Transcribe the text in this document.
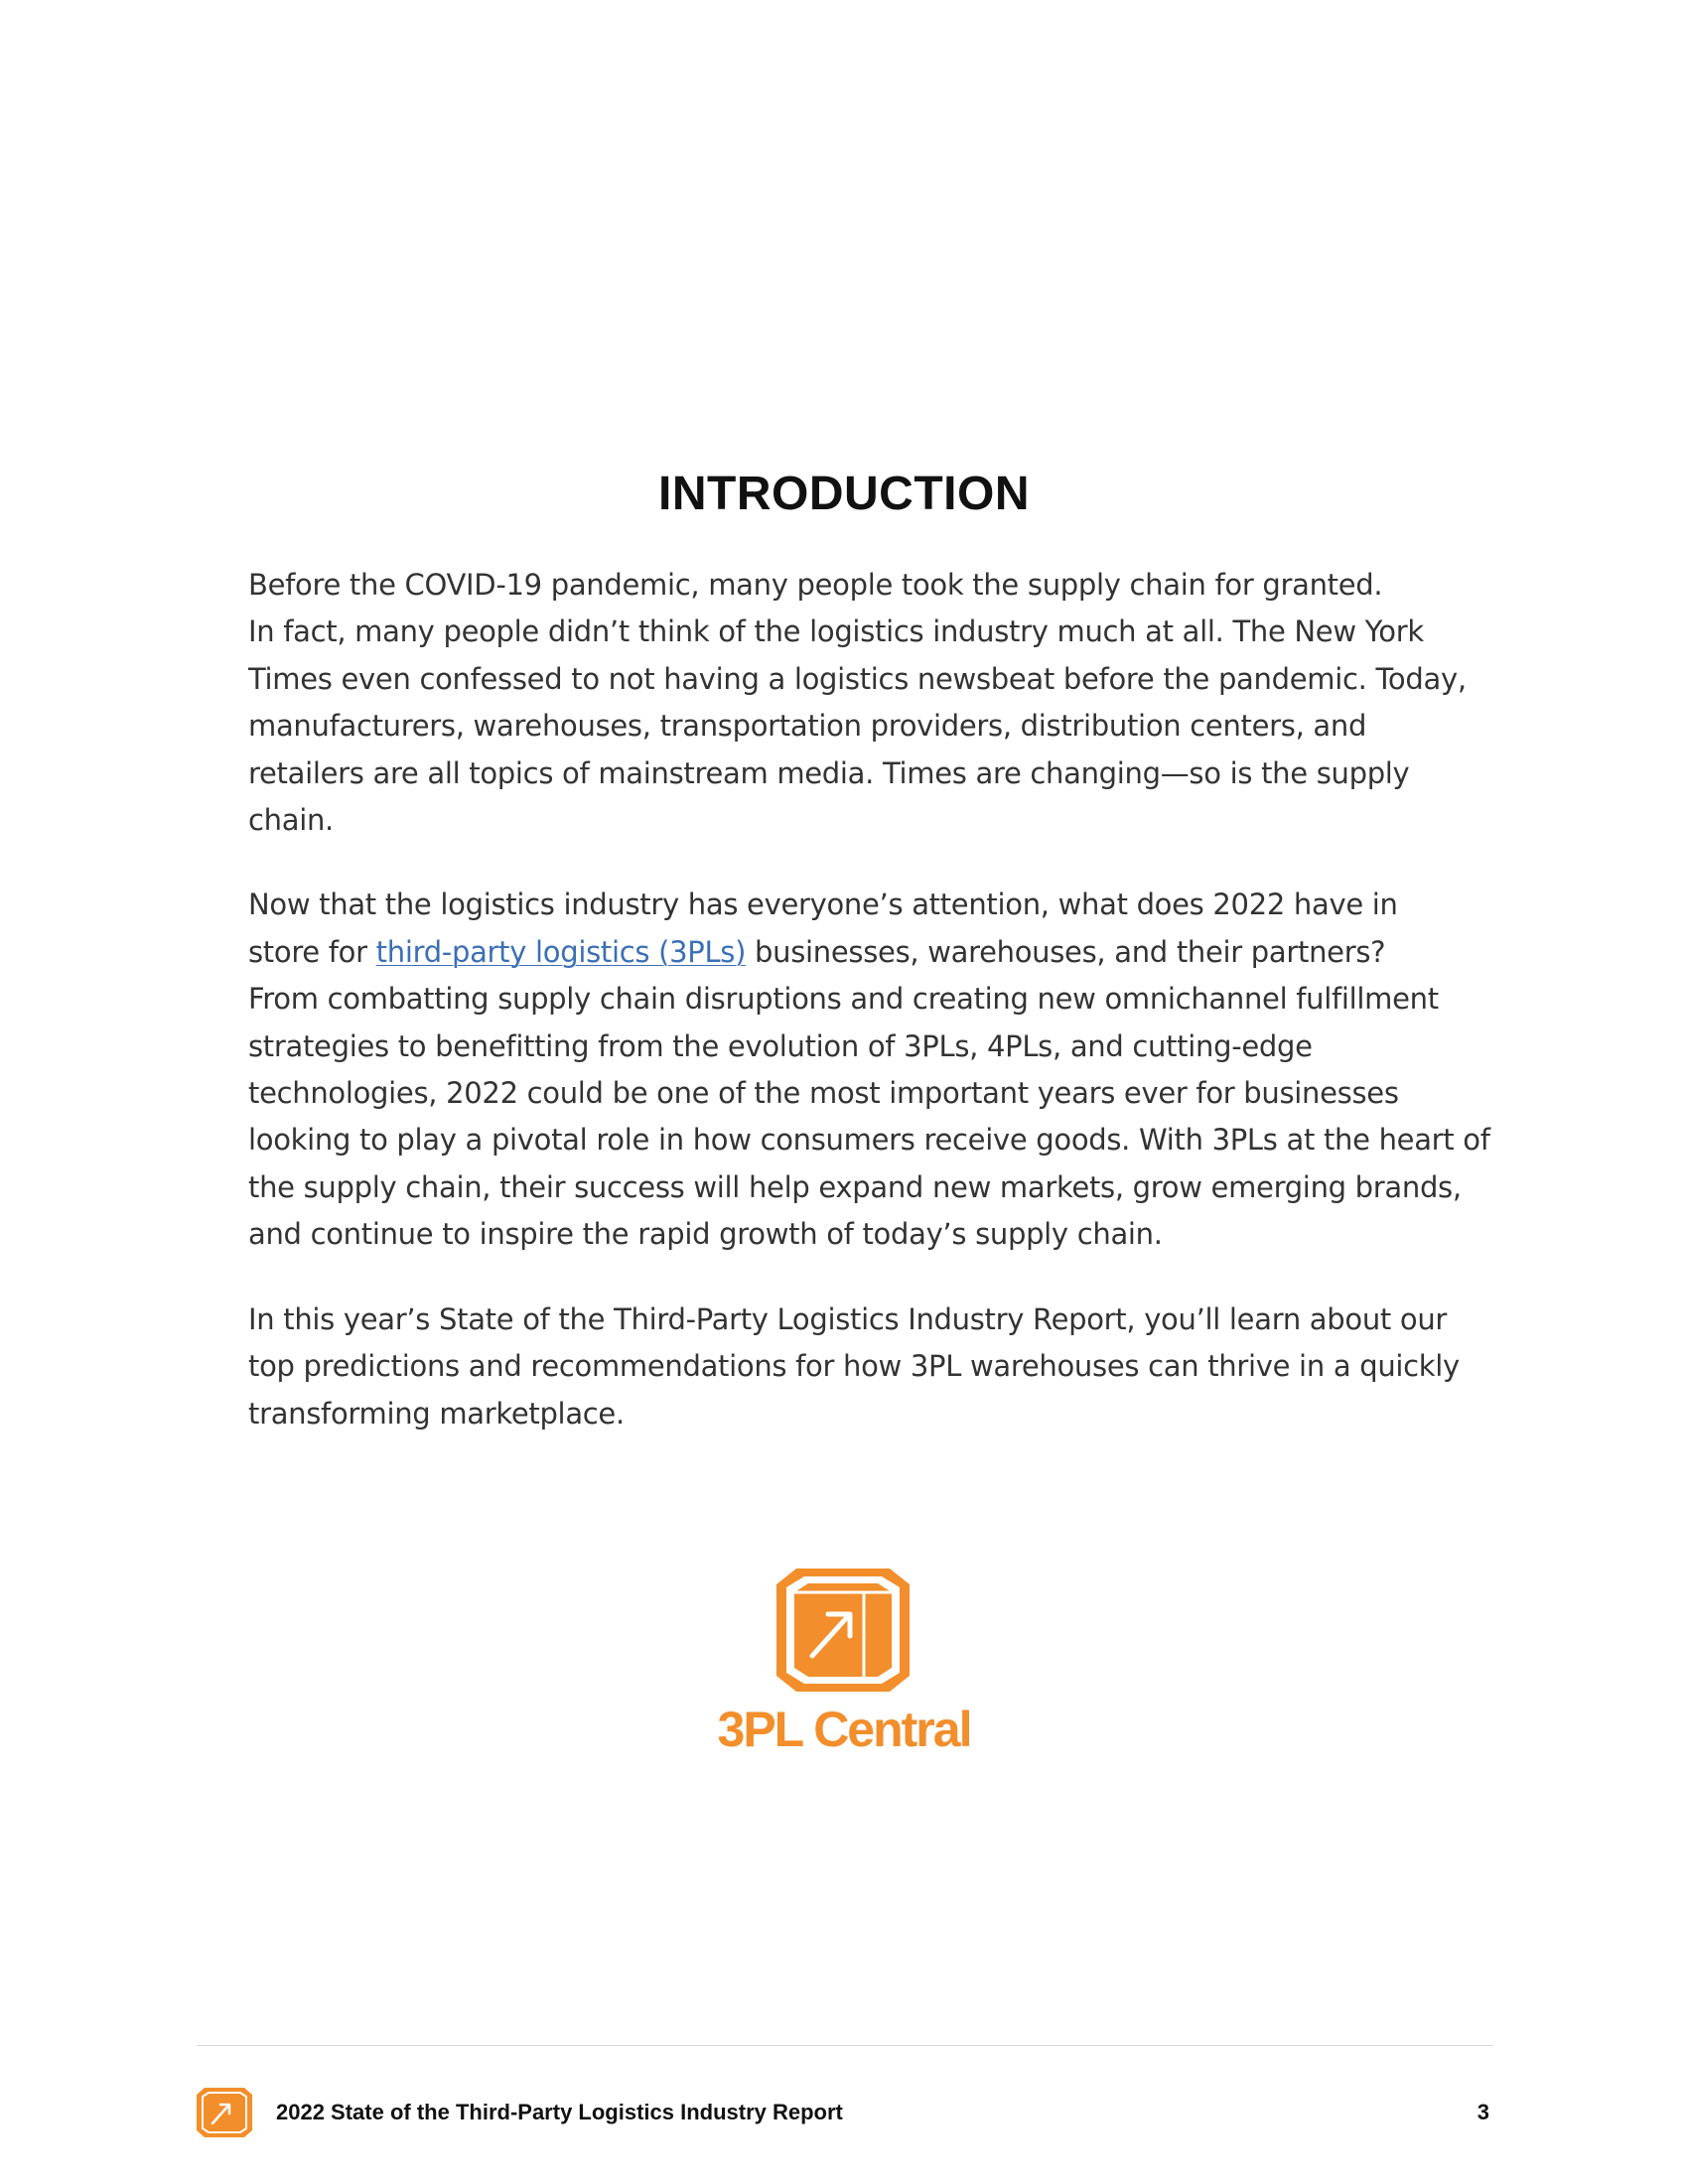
INTRODUCTION

Before the COVID-19 pandemic, many people took the supply chain for granted.
In fact, many people didn’t think of the logistics industry much at all. The New York
Times even confessed to not having a logistics newsbeat before the pandemic. Today,
manufacturers, warehouses, transportation providers, distribution centers, and
retailers are all topics of mainstream media. Times are changing—so is the supply
chain.

Now that the logistics industry has everyone’s attention, what does 2022 have in
store for third-party logistics (3PLs) businesses, warehouses, and their partners?
From combatting supply chain disruptions and creating new omnichannel fulfillment
strategies to benefitting from the evolution of 3PLs, 4PLs, and cutting-edge
technologies, 2022 could be one of the most important years ever for businesses
looking to play a pivotal role in how consumers receive goods. With 3PLs at the heart of
the supply chain, their success will help expand new markets, grow emerging brands,
and continue to inspire the rapid growth of today’s supply chain.

In this year’s State of the Third-Party Logistics Industry Report, you’ll learn about our
top predictions and recommendations for how 3PL warehouses can thrive in a quickly
transforming marketplace.

3PL Central
2022 State of the Third-Party Logistics Industry Report	3
